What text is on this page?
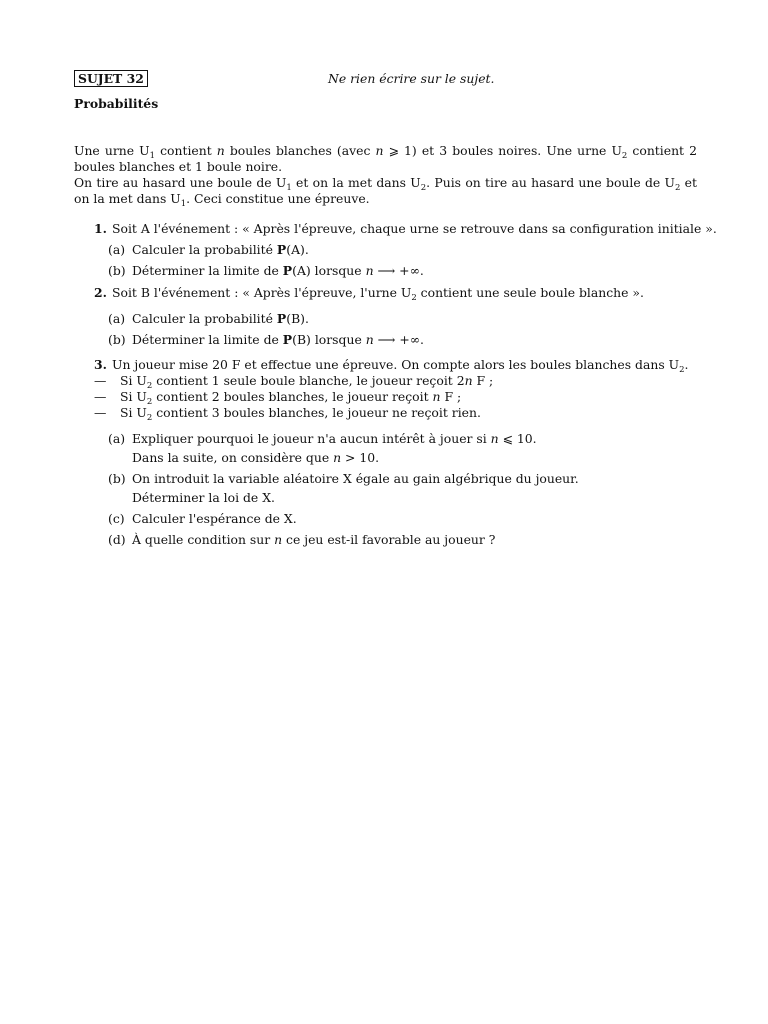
SUJET 32	Ne rien écrire sur le sujet.
Probabilités

Une urne $U_1$ contient n boules blanches (avec n ⩾ 1) et 3 boules noires. Une urne $U_2$ contient 2 boules blanches et 1 boule noire.

On tire au hasard une boule de $U_1$ et on la met dans $U_2$. Puis on tire au hasard une boule de $U_2$ et on la met dans $U_1$. Ceci constitue une épreuve.

1. Soit A l'événement : « Après l'épreuve, chaque urne se retrouve dans sa configuration initiale ».
(a) Calculer la probabilité P(A).
(b) Déterminer la limite de P(A) lorsque n ⟶ +∞.
2. Soit B l'événement : « Après l'épreuve, l'urne $U_2$ contient une seule boule blanche ».
(a) Calculer la probabilité P(B).
(b) Déterminer la limite de P(B) lorsque n ⟶ +∞.
3. Un joueur mise 20 F et effectue une épreuve. On compte alors les boules blanches dans $U_2$.
— Si $U_2$ contient 1 seule boule blanche, le joueur reçoit 2n F ;
— Si $U_2$ contient 2 boules blanches, le joueur reçoit n F ;
— Si $U_2$ contient 3 boules blanches, le joueur ne reçoit rien.
(a) Expliquer pourquoi le joueur n'a aucun intérêt à jouer si n ⩽ 10.
Dans la suite, on considère que n > 10.
(b) On introduit la variable aléatoire X égale au gain algébrique du joueur.
Déterminer la loi de X.
(c) Calculer l'espérance de X.
(d) À quelle condition sur n ce jeu est-il favorable au joueur ?
